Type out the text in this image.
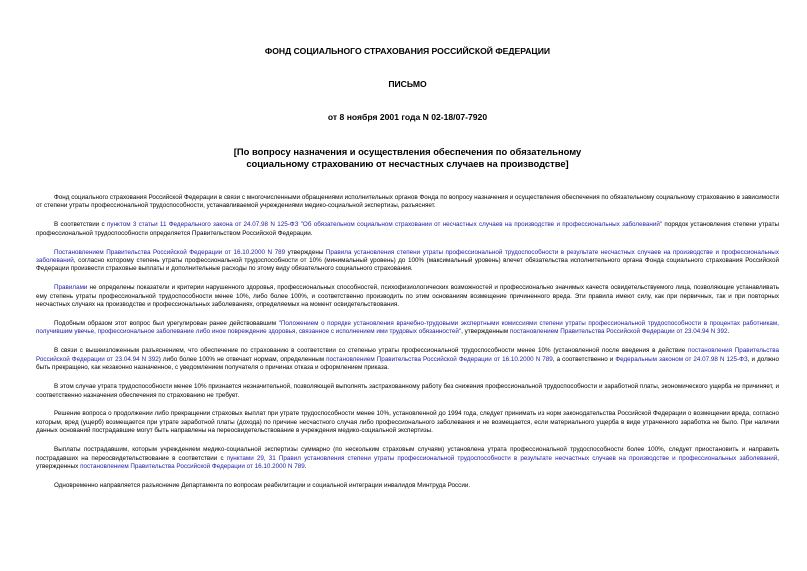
ФОНД СОЦИАЛЬНОГО СТРАХОВАНИЯ РОССИЙСКОЙ ФЕДЕРАЦИИ
ПИСЬМО
от 8 ноября 2001 года N 02-18/07-7920
[По вопросу назначения и осуществления обеспечения по обязательному
социальному страхованию от несчастных случаев на производстве]

Фонд социального страхования Российской Федерации в связи с многочисленными обращениями исполнительных органов Фонда по вопросу назначения и осуществления обеспечения по обязательному социальному страхованию в зависимости от степени утраты профессиональной трудоспособности, устанавливаемой учреждениями медико-социальной экспертизы, разъясняет.

В соответствии с пунктом 3 статьи 11 Федерального закона от 24.07.98 N 125-ФЗ "Об обязательном социальном страховании от несчастных случаев на производстве и профессиональных заболеваний" порядок установления степени утраты профессиональной трудоспособности определяется Правительством Российской Федерации.

Постановлением Правительства Российской Федерации от 16.10.2000 N 789 утверждены Правила установления степени утраты профессиональной трудоспособности в результате несчастных случаев на производстве и профессиональных заболеваний, согласно которому степень утраты профессиональной трудоспособности от 10% (минимальный уровень) до 100% (максимальный уровень) влечет обязательства исполнительного органа Фонда социального страхования Российской Федерации произвести страховые выплаты и дополнительные расходы по этому виду обязательного социального страхования.

Правилами не определены показатели и критерии нарушенного здоровья, профессиональных способностей, психофизиологических возможностей и профессионально значимых качеств освидетельствуемого лица, позволяющие устанавливать ему степень утраты профессиональной трудоспособности менее 10%, либо более 100%, и соответственно производить по этим основаниям возмещение причиненного вреда. Эти правила имеют силу, как при первичных, так и при повторных несчастных случаях на производстве и профессиональных заболеваниях, определяемых на момент освидетельствования.

Подобным образом этот вопрос был урегулирован ранее действовавшим "Положением о порядке установления врачебно-трудовыми экспертными комиссиями степени утраты профессиональной трудоспособности в процентах работникам, получившим увечье, профессиональное заболевание либо иное повреждение здоровья, связанное с исполнением ими трудовых обязанностей", утвержденным постановлением Правительства Российской Федерации от 23.04.94 N 392.

В связи с вышеизложенным разъяснением, что обеспечение по страхованию в соответствии со степенью утраты профессиональной трудоспособности менее 10% (установленной после введения в действие постановления Правительства Российской Федерации от 23.04.94 N 392) либо более 100% не отвечает нормам, определенным постановлением Правительства Российской Федерации от 16.10.2000 N 789, а соответственно и Федеральным законом от 24.07.98 N 125-ФЗ, и должно быть прекращено, как незаконно назначенное, с уведомлением получателя о причинах отказа и оформлением приказа.

В этом случае утрата трудоспособности менее 10% признается незначительной, позволяющей выполнять застрахованному работу без снижения профессиональной трудоспособности и заработной платы, экономического ущерба не причиняет, и соответственно назначения обеспечения по страхованию не требует.

Решение вопроса о продолжении либо прекращении страховых выплат при утрате трудоспособности менее 10%, установленной до 1994 года, следует принимать из норм законодательства Российской Федерации о возмещении вреда, согласно которым, вред (ущерб) возмещается при утрате заработной платы (дохода) по причине несчастного случая либо профессионального заболевания и не возмещается, если материального ущерба в виде утраченного заработка не было. При наличии данных оснований пострадавшие могут быть направлены на переосвидетельствование в учреждения медико-социальной экспертизы.

Выплаты пострадавшим, которым учреждением медико-социальной экспертизы суммарно (по нескольким страховым случаям) установлена утрата профессиональной трудоспособности более 100%, следует приостановить и направить пострадавших на переосвидетельствование в соответствии с пунктами 29, 31 Правил установления степени утраты профессиональной трудоспособности в результате несчастных случаев на производстве и профессиональных заболеваний, утвержденных постановлением Правительства Российской Федерации от 16.10.2000 N 789.

Одновременно направляется разъяснение Департамента по вопросам реабилитации и социальной интеграции инвалидов Минтруда России.
